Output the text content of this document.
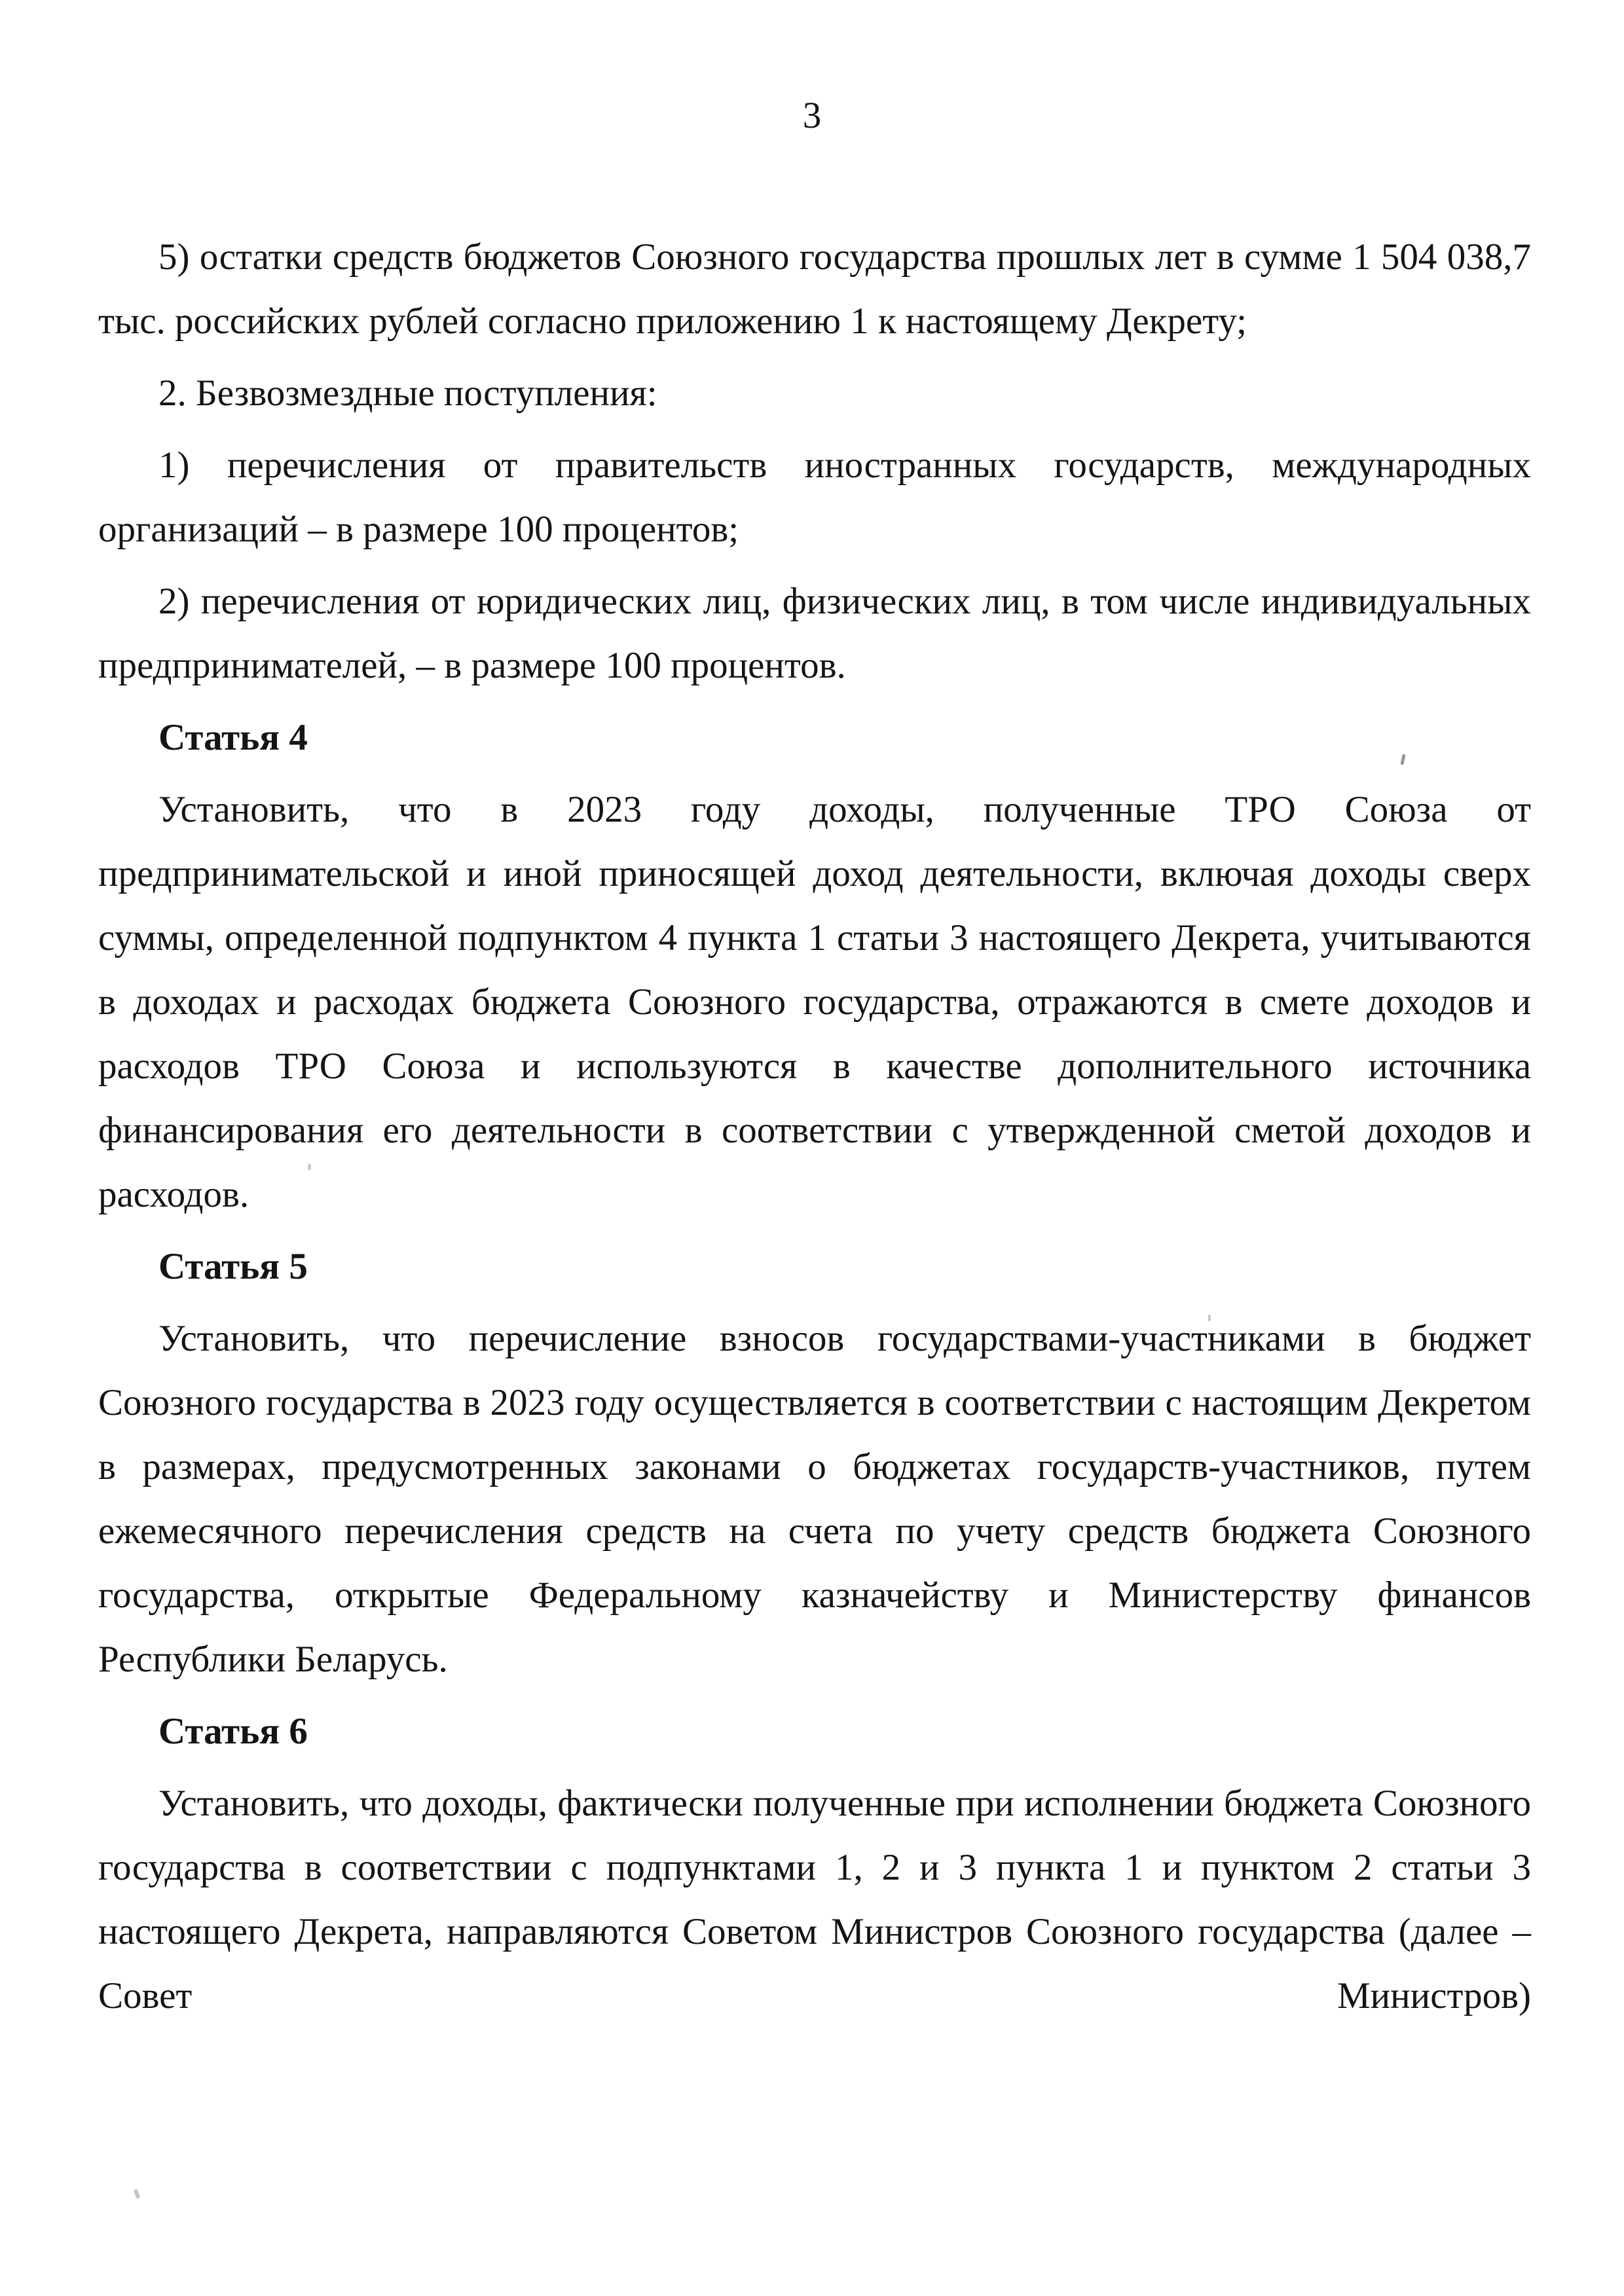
3

5) остатки средств бюджетов Союзного государства прошлых лет в сумме 1 504 038,7 тыс. российских рублей согласно приложению 1 к настоящему Декрету;

2. Безвозмездные поступления:

1) перечисления от правительств иностранных государств, международных организаций – в размере 100 процентов;

2) перечисления от юридических лиц, физических лиц, в том числе индивидуальных предпринимателей, – в размере 100 процентов.

Статья 4

Установить, что в 2023 году доходы, полученные ТРО Союза от предпринимательской и иной приносящей доход деятельности, включая доходы сверх суммы, определенной подпунктом 4 пункта 1 статьи 3 настоящего Декрета, учитываются в доходах и расходах бюджета Союзного государства, отражаются в смете доходов и расходов ТРО Союза и используются в качестве дополнительного источника финансирования его деятельности в соответствии с утвержденной сметой доходов и расходов.

Статья 5

Установить, что перечисление взносов государствами-участниками в бюджет Союзного государства в 2023 году осуществляется в соответствии с настоящим Декретом в размерах, предусмотренных законами о бюджетах государств-участников, путем ежемесячного перечисления средств на счета по учету средств бюджета Союзного государства, открытые Федеральному казначейству и Министерству финансов Республики Беларусь.

Статья 6

Установить, что доходы, фактически полученные при исполнении бюджета Союзного государства в соответствии с подпунктами 1, 2 и 3 пункта 1 и пунктом 2 статьи 3 настоящего Декрета, направляются Советом Министров Союзного государства (далее – Совет Министров)
